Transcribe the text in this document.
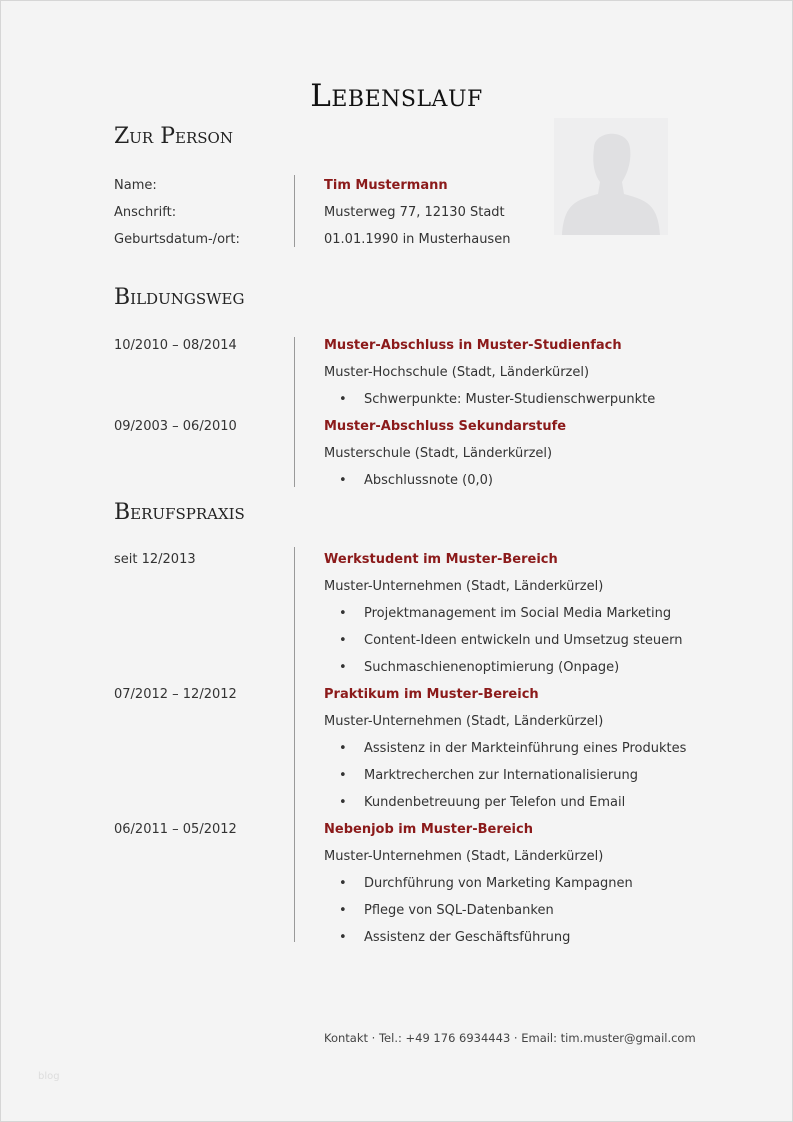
Lebenslauf
Zur Person
Name:	Tim Mustermann
Anschrift:	Musterweg 77, 12130 Stadt
Geburtsdatum-/ort:	01.01.1990 in Musterhausen
Bildungsweg
10/2010 – 08/2014	Muster-Abschluss in Muster-Studienfach
Muster-Hochschule (Stadt, Länderkürzel)
• Schwerpunkte: Muster-Studienschwerpunkte
09/2003 – 06/2010	Muster-Abschluss Sekundarstufe
Musterschule (Stadt, Länderkürzel)
• Abschlussnote (0,0)
Berufspraxis
seit 12/2013	Werkstudent im Muster-Bereich
Muster-Unternehmen (Stadt, Länderkürzel)
• Projektmanagement im Social Media Marketing
• Content-Ideen entwickeln und Umsetzug steuern
• Suchmaschienenoptimierung (Onpage)
07/2012 – 12/2012	Praktikum im Muster-Bereich
Muster-Unternehmen (Stadt, Länderkürzel)
• Assistenz in der Markteinführung eines Produktes
• Marktrecherchen zur Internationalisierung
• Kundenbetreuung per Telefon und Email
06/2011 – 05/2012	Nebenjob im Muster-Bereich
Muster-Unternehmen (Stadt, Länderkürzel)
• Durchführung von Marketing Kampagnen
• Pflege von SQL-Datenbanken
• Assistenz der Geschäftsführung
Kontakt · Tel.: +49 176 6934443 · Email: tim.muster@gmail.com
blog
